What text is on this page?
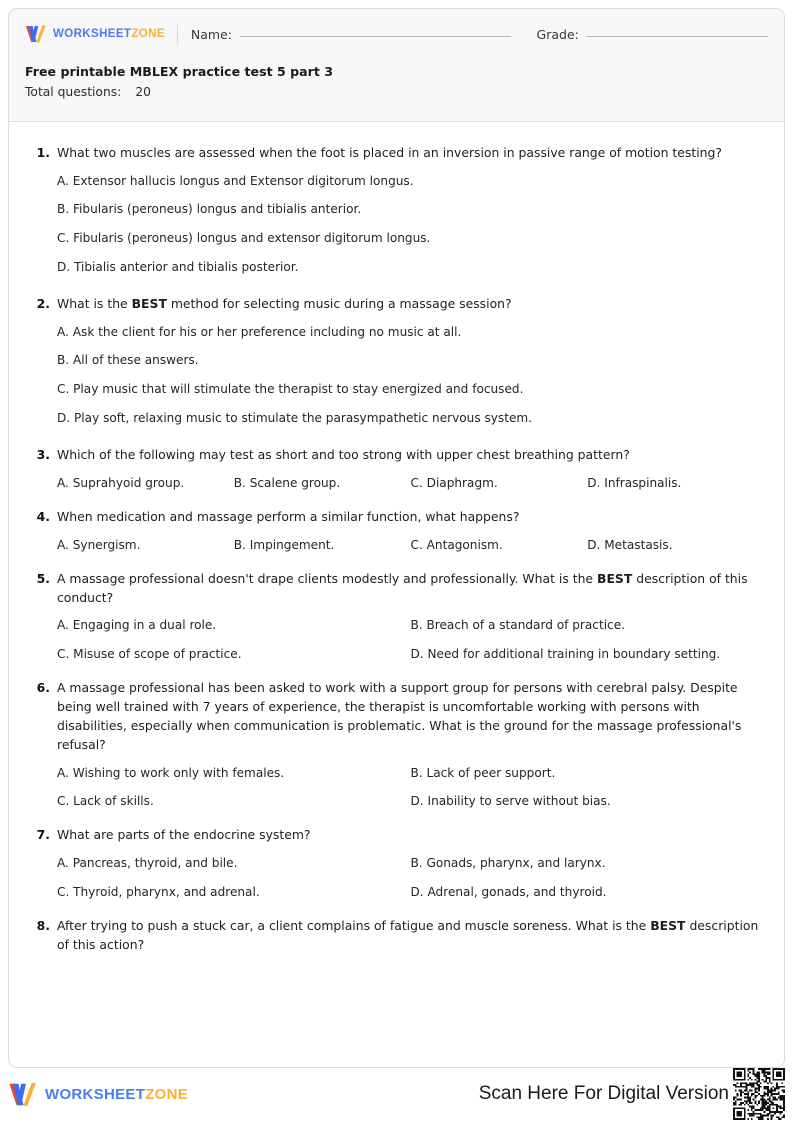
WORKSHEETZONE Name:	Grade:
Free printable MBLEX practice test 5 part 3
Total questions: 20
1. What two muscles are assessed when the foot is placed in an inversion in passive range of motion testing?
A. Extensor hallucis longus and Extensor digitorum longus.
B. Fibularis (peroneus) longus and tibialis anterior.
C. Fibularis (peroneus) longus and extensor digitorum longus.
D. Tibialis anterior and tibialis posterior.
2. What is the BEST method for selecting music during a massage session?
A. Ask the client for his or her preference including no music at all.
B. All of these answers.
C. Play music that will stimulate the therapist to stay energized and focused.
D. Play soft, relaxing music to stimulate the parasympathetic nervous system.
3. Which of the following may test as short and too strong with upper chest breathing pattern?
A. Suprahyoid group.	B. Scalene group.	C. Diaphragm.	D. Infraspinalis.
4. When medication and massage perform a similar function, what happens?
A. Synergism.	B. Impingement.	C. Antagonism.	D. Metastasis.
5. A massage professional doesn't drape clients modestly and professionally. What is the BEST description of this conduct?
A. Engaging in a dual role.	B. Breach of a standard of practice.
C. Misuse of scope of practice.	D. Need for additional training in boundary setting.
6. A massage professional has been asked to work with a support group for persons with cerebral palsy. Despite being well trained with 7 years of experience, the therapist is uncomfortable working with persons with disabilities, especially when communication is problematic. What is the ground for the massage professional's refusal?
A. Wishing to work only with females.	B. Lack of peer support.
C. Lack of skills.	D. Inability to serve without bias.
7. What are parts of the endocrine system?
A. Pancreas, thyroid, and bile.	B. Gonads, pharynx, and larynx.
C. Thyroid, pharynx, and adrenal.	D. Adrenal, gonads, and thyroid.
8. After trying to push a stuck car, a client complains of fatigue and muscle soreness. What is the BEST description of this action?
WORKSHEETZONE	Scan Here For Digital Version
